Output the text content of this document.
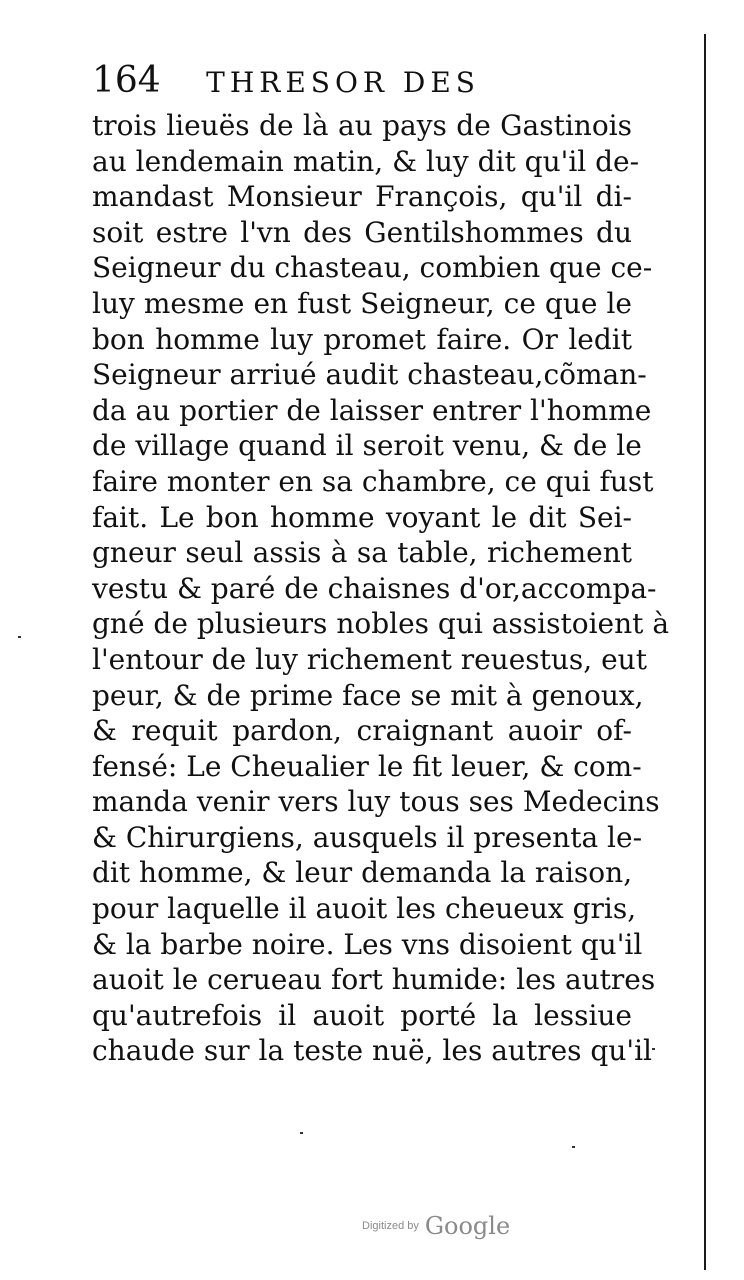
164 THRESOR DES
trois lieuës de là au pays de Gastinois
au lendemain matin, & luy dit qu'il de-
mandast Monsieur François, qu'il di-
soit estre l'vn des Gentilshommes du
Seigneur du chasteau, combien que ce-
luy mesme en fust Seigneur, ce que le
bon homme luy promet faire. Or ledit
Seigneur arriué audit chasteau,cõman-
da au portier de laisser entrer l'homme
de village quand il seroit venu, & de le
faire monter en sa chambre, ce qui fust
fait. Le bon homme voyant le dit Sei-
gneur seul assis à sa table, richement
vestu & paré de chaisnes d'or,accompa-
gné de plusieurs nobles qui assistoient à
l'entour de luy richement reuestus, eut
peur, & de prime face se mit à genoux,
& requit pardon, craignant auoir of-
fensé: Le Cheualier le fit leuer, & com-
manda venir vers luy tous ses Medecins
& Chirurgiens, ausquels il presenta le-
dit homme, & leur demanda la raison,
pour laquelle il auoit les cheueux gris,
& la barbe noire. Les vns disoient qu'il
auoit le cerueau fort humide: les autres
qu'autrefois il auoit porté la lessiue
chaude sur la teste nuë, les autres qu'il
Digitized by Google
